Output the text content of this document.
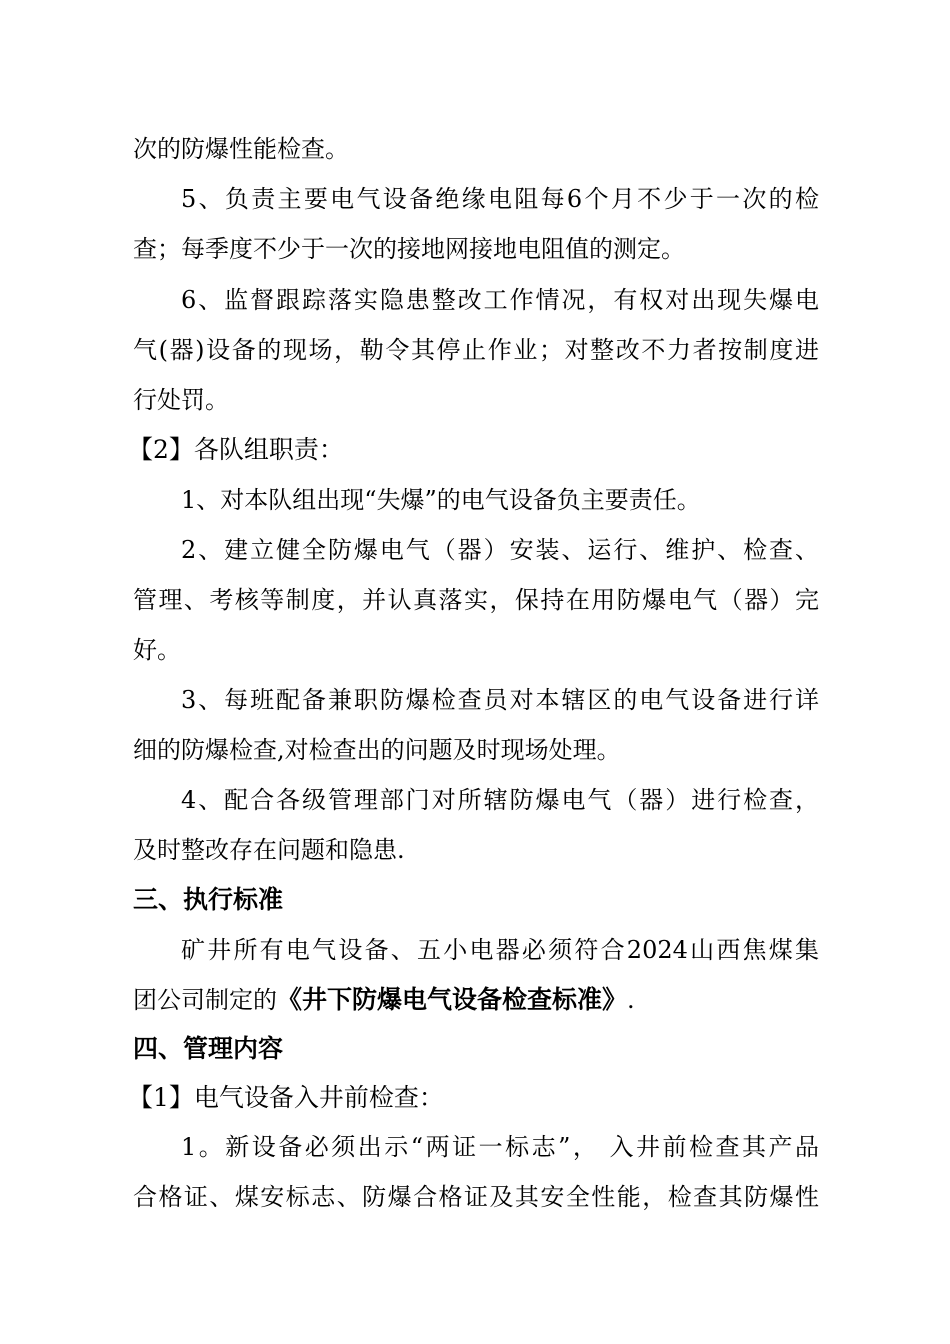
次的防爆性能检查。
5、负责主要电气设备绝缘电阻每6个月不少于一次的检
查；每季度不少于一次的接地网接地电阻值的测定。
6、监督跟踪落实隐患整改工作情况，有权对出现失爆电
气(器)设备的现场，勒令其停止作业；对整改不力者按制度进
行处罚。
【2】各队组职责：
1、对本队组出现“失爆”的电气设备负主要责任。
2、建立健全防爆电气（器）安装、运行、维护、检查、
管理、考核等制度，并认真落实，保持在用防爆电气（器）完
好。
3、每班配备兼职防爆检查员对本辖区的电气设备进行详
细的防爆检查,对检查出的问题及时现场处理。
4、配合各级管理部门对所辖防爆电气（器）进行检查，
及时整改存在问题和隐患.
三、执行标准
矿井所有电气设备、五小电器必须符合2024山西焦煤集
团公司制定的《井下防爆电气设备检查标准》.
四、管理内容
【1】电气设备入井前检查：
1。新设备必须出示“两证一标志”， 入井前检查其产品
合格证、煤安标志、防爆合格证及其安全性能，检查其防爆性
